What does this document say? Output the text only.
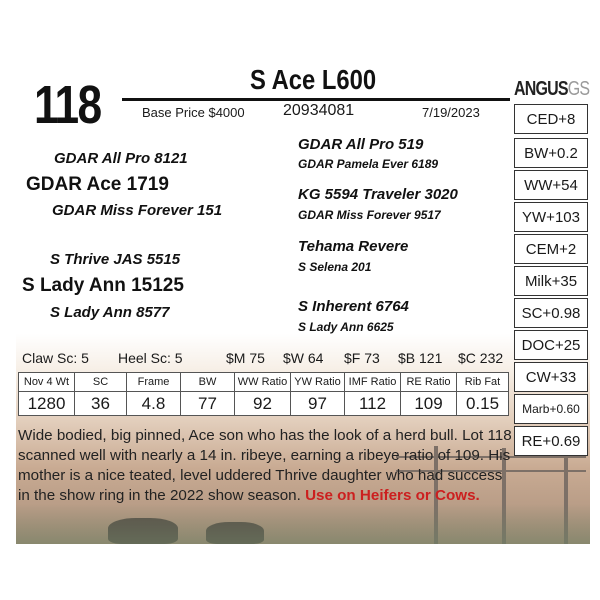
118	S Ace L600
Base Price $4000 20934081	7/19/2023
ANGUSGS
CED+8
BW+0.2
WW+54
YW+103
CEM+2
Milk+35
SC+0.98
DOC+25
CW+33
Marb+0.60
RE+0.69
GDAR All Pro 8121
GDAR Ace 1719
GDAR Miss Forever 151
GDAR All Pro 519
GDAR Pamela Ever 6189
KG 5594 Traveler 3020
GDAR Miss Forever 9517
S Thrive JAS 5515
S Lady Ann 15125
S Lady Ann 8577
Tehama Revere
S Selena 201
S Inherent 6764
S Lady Ann 6625
Claw Sc: 5 Heel Sc: 5	$M 75 $W 64 $F 73 $B 121 $C 232
Nov 4 Wt	SC	Frame	BW	WW Ratio	YW Ratio	IMF Ratio	RE Ratio	Rib Fat
1280	36	4.8	77	92	97	112	109	0.15
Wide bodied, big pinned, Ace son who has the look of a herd bull. Lot 118 scanned well with nearly a 14 in. ribeye, earning a ribeye ratio of 109. His mother is a nice teated, level uddered Thrive daughter who had success in the show ring in the 2022 show season. Use on Heifers or Cows.
